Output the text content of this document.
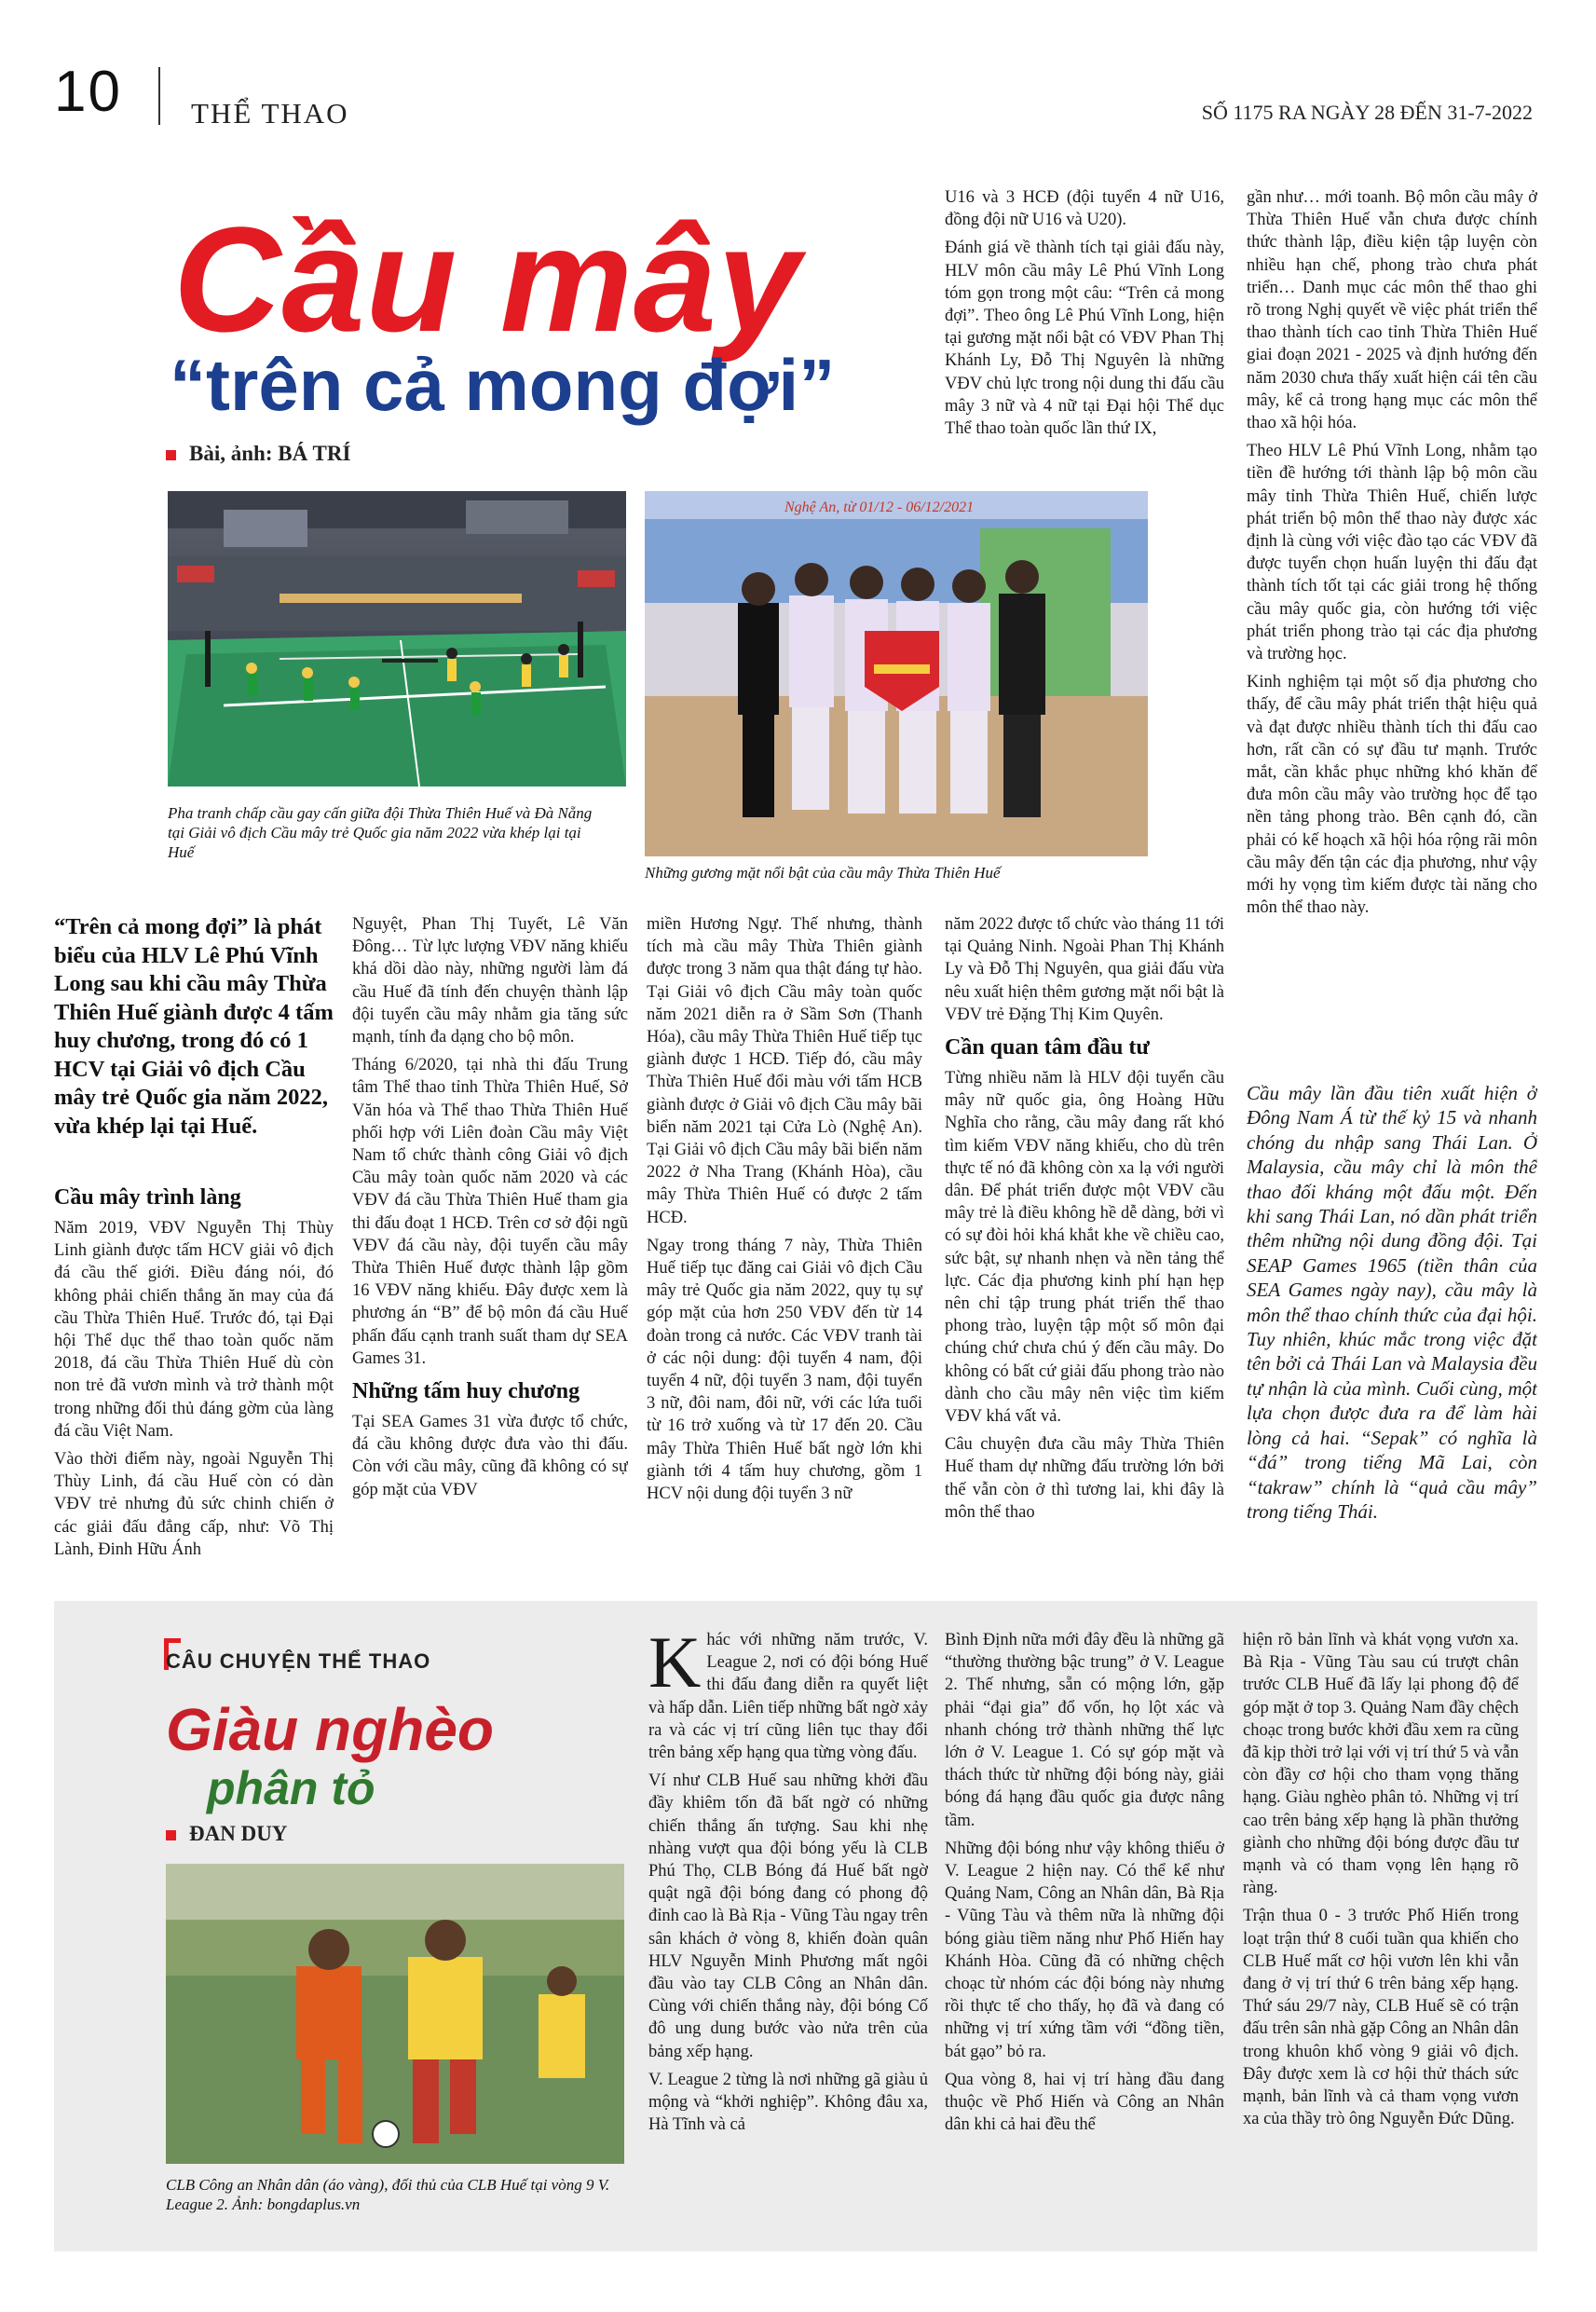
10 THỂ THAO	SỐ 1175 RA NGÀY 28 ĐẾN 31-7-2022
Cầu mây
“trên cả mong đợi”
Bài, ảnh: BÁ TRÍ
Pha tranh chấp cầu gay cấn giữa đội Thừa Thiên Huế và Đà Nẵng tại Giải vô địch Cầu mây trẻ Quốc gia năm 2022 vừa khép lại tại Huế
Nghệ An, từ 01/12 - 06/12/2021
Những gương mặt nổi bật của cầu mây Thừa Thiên Huế
“Trên cả mong đợi” là phát biểu của HLV Lê Phú Vĩnh Long sau khi cầu mây Thừa Thiên Huế giành được 4 tấm huy chương, trong đó có 1 HCV tại Giải vô địch Cầu mây trẻ Quốc gia năm 2022, vừa khép lại tại Huế.
Cầu mây trình làng

Năm 2019, VĐV Nguyễn Thị Thùy Linh giành được tấm HCV giải vô địch đá cầu thế giới. Điều đáng nói, đó không phải chiến thắng ăn may của đá cầu Thừa Thiên Huế. Trước đó, tại Đại hội Thể dục thể thao toàn quốc năm 2018, đá cầu Thừa Thiên Huế dù còn non trẻ đã vươn mình và trở thành một trong những đối thủ đáng gờm của làng đá cầu Việt Nam.

Vào thời điểm này, ngoài Nguyễn Thị Thùy Linh, đá cầu Huế còn có dàn VĐV trẻ nhưng đủ sức chinh chiến ở các giải đấu đẳng cấp, như: Võ Thị Lành, Đinh Hữu Ánh

Nguyệt, Phan Thị Tuyết, Lê Văn Đông… Từ lực lượng VĐV năng khiếu khá dồi dào này, những người làm đá cầu Huế đã tính đến chuyện thành lập đội tuyển cầu mây nhằm gia tăng sức mạnh, tính đa dạng cho bộ môn.

Tháng 6/2020, tại nhà thi đấu Trung tâm Thể thao tỉnh Thừa Thiên Huế, Sở Văn hóa và Thể thao Thừa Thiên Huế phối hợp với Liên đoàn Cầu mây Việt Nam tổ chức thành công Giải vô địch Cầu mây toàn quốc năm 2020 và các VĐV đá cầu Thừa Thiên Huế tham gia thi đấu đoạt 1 HCĐ. Trên cơ sở đội ngũ VĐV đá cầu này, đội tuyển cầu mây Thừa Thiên Huế được thành lập gồm 16 VĐV năng khiếu. Đây được xem là phương án “B” để bộ môn đá cầu Huế phấn đấu cạnh tranh suất tham dự SEA Games 31.

Những tấm huy chương

Tại SEA Games 31 vừa được tổ chức, đá cầu không được đưa vào thi đấu. Còn với cầu mây, cũng đã không có sự góp mặt của VĐV

miền Hương Ngự. Thế nhưng, thành tích mà cầu mây Thừa Thiên giành được trong 3 năm qua thật đáng tự hào. Tại Giải vô địch Cầu mây toàn quốc năm 2021 diễn ra ở Sầm Sơn (Thanh Hóa), cầu mây Thừa Thiên Huế tiếp tục giành được 1 HCĐ. Tiếp đó, cầu mây Thừa Thiên Huế đổi màu với tấm HCB giành được ở Giải vô địch Cầu mây bãi biển năm 2021 tại Cửa Lò (Nghệ An). Tại Giải vô địch Cầu mây bãi biển năm 2022 ở Nha Trang (Khánh Hòa), cầu mây Thừa Thiên Huế có được 2 tấm HCĐ.

Ngay trong tháng 7 này, Thừa Thiên Huế tiếp tục đăng cai Giải vô địch Cầu mây trẻ Quốc gia năm 2022, quy tụ sự góp mặt của hơn 250 VĐV đến từ 14 đoàn trong cả nước. Các VĐV tranh tài ở các nội dung: đội tuyển 4 nam, đội tuyển 4 nữ, đội tuyển 3 nam, đội tuyển 3 nữ, đôi nam, đôi nữ, với các lứa tuổi từ 16 trở xuống và từ 17 đến 20. Cầu mây Thừa Thiên Huế bất ngờ lớn khi giành tới 4 tấm huy chương, gồm 1 HCV nội dung đội tuyển 3 nữ

U16 và 3 HCĐ (đội tuyển 4 nữ U16, đồng đội nữ U16 và U20).

Đánh giá về thành tích tại giải đấu này, HLV môn cầu mây Lê Phú Vĩnh Long tóm gọn trong một câu: “Trên cả mong đợi”. Theo ông Lê Phú Vĩnh Long, hiện tại gương mặt nổi bật có VĐV Phan Thị Khánh Ly, Đỗ Thị Nguyên là những VĐV chủ lực trong nội dung thi đấu cầu mây 3 nữ và 4 nữ tại Đại hội Thể dục Thể thao toàn quốc lần thứ IX,

năm 2022 được tổ chức vào tháng 11 tới tại Quảng Ninh. Ngoài Phan Thị Khánh Ly và Đỗ Thị Nguyên, qua giải đấu vừa nêu xuất hiện thêm gương mặt nổi bật là VĐV trẻ Đặng Thị Kim Quyên.

Cần quan tâm đầu tư

Từng nhiều năm là HLV đội tuyển cầu mây nữ quốc gia, ông Hoàng Hữu Nghĩa cho rằng, cầu mây đang rất khó tìm kiếm VĐV năng khiếu, cho dù trên thực tế nó đã không còn xa lạ với người dân. Để phát triển được một VĐV cầu mây trẻ là điều không hề dễ dàng, bởi vì có sự đòi hỏi khá khắt khe về chiều cao, sức bật, sự nhanh nhẹn và nền tảng thể lực. Các địa phương kinh phí hạn hẹp nên chỉ tập trung phát triển thể thao phong trào, luyện tập một số môn đại chúng chứ chưa chú ý đến cầu mây. Do không có bất cứ giải đấu phong trào nào dành cho cầu mây nên việc tìm kiếm VĐV khá vất vả.

Câu chuyện đưa cầu mây Thừa Thiên Huế tham dự những đấu trường lớn bởi thế vẫn còn ở thì tương lai, khi đây là môn thể thao

gần như… mới toanh. Bộ môn cầu mây ở Thừa Thiên Huế vẫn chưa được chính thức thành lập, điều kiện tập luyện còn nhiều hạn chế, phong trào chưa phát triển… Danh mục các môn thể thao ghi rõ trong Nghị quyết về việc phát triển thể thao thành tích cao tỉnh Thừa Thiên Huế giai đoạn 2021 - 2025 và định hướng đến năm 2030 chưa thấy xuất hiện cái tên cầu mây, kể cả trong hạng mục các môn thể thao xã hội hóa.

Theo HLV Lê Phú Vĩnh Long, nhằm tạo tiền đề hướng tới thành lập bộ môn cầu mây tỉnh Thừa Thiên Huế, chiến lược phát triển bộ môn thể thao này được xác định là cùng với việc đào tạo các VĐV đã được tuyển chọn huấn luyện thi đấu đạt thành tích tốt tại các giải trong hệ thống cầu mây quốc gia, còn hướng tới việc phát triển phong trào tại các địa phương và trường học.

Kinh nghiệm tại một số địa phương cho thấy, để cầu mây phát triển thật hiệu quả và đạt được nhiều thành tích thi đấu cao hơn, rất cần có sự đầu tư mạnh. Trước mắt, cần khắc phục những khó khăn để đưa môn cầu mây vào trường học để tạo nền tảng phong trào. Bên cạnh đó, cần phải có kế hoạch xã hội hóa rộng rãi môn cầu mây đến tận các địa phương, như vậy mới hy vọng tìm kiếm được tài năng cho môn thể thao này.

Cầu mây lần đầu tiên xuất hiện ở Đông Nam Á từ thế kỷ 15 và nhanh chóng du nhập sang Thái Lan. Ở Malaysia, cầu mây chỉ là môn thể thao đối kháng một đấu một. Đến khi sang Thái Lan, nó dần phát triển thêm những nội dung đồng đội. Tại SEAP Games 1965 (tiền thân của SEA Games ngày nay), cầu mây là môn thể thao chính thức của đại hội. Tuy nhiên, khúc mắc trong việc đặt tên bởi cả Thái Lan và Malaysia đều tự nhận là của mình. Cuối cùng, một lựa chọn được đưa ra để làm hài lòng cả hai. “Sepak” có nghĩa là “đá” trong tiếng Mã Lai, còn “takraw” chính là “quả cầu mây” trong tiếng Thái.
CÂU CHUYỆN THỂ THAO
Giàu nghèo
phân tỏ
ĐAN DUY
CLB Công an Nhân dân (áo vàng), đối thủ của CLB Huế tại vòng 9 V. League 2. Ảnh: bongdaplus.vn

Khác với những năm trước, V. League 2, nơi có đội bóng Huế thi đấu đang diễn ra quyết liệt và hấp dẫn. Liên tiếp những bất ngờ xảy ra và các vị trí cũng liên tục thay đổi trên bảng xếp hạng qua từng vòng đấu.

Ví như CLB Huế sau những khởi đầu đầy khiêm tốn đã bất ngờ có những chiến thắng ấn tượng. Sau khi nhẹ nhàng vượt qua đội bóng yếu là CLB Phú Thọ, CLB Bóng đá Huế bất ngờ quật ngã đội bóng đang có phong độ đỉnh cao là Bà Rịa - Vũng Tàu ngay trên sân khách ở vòng 8, khiến đoàn quân HLV Nguyễn Minh Phương mất ngôi đầu vào tay CLB Công an Nhân dân. Cùng với chiến thắng này, đội bóng Cố đô ung dung bước vào nửa trên của bảng xếp hạng.

V. League 2 từng là nơi những gã giàu ủ mộng và “khởi nghiệp”. Không đâu xa, Hà Tĩnh và cả

Bình Định nữa mới đây đều là những gã “thường thường bậc trung” ở V. League 2. Thế nhưng, sẵn có mộng lớn, gặp phải “đại gia” đổ vốn, họ lột xác và nhanh chóng trở thành những thế lực lớn ở V. League 1. Có sự góp mặt và thách thức từ những đội bóng này, giải bóng đá hạng đầu quốc gia được nâng tầm.

Những đội bóng như vậy không thiếu ở V. League 2 hiện nay. Có thể kể như Quảng Nam, Công an Nhân dân, Bà Rịa - Vũng Tàu và thêm nữa là những đội bóng giàu tiềm năng như Phố Hiến hay Khánh Hòa. Cũng đã có những chệch choạc từ nhóm các đội bóng này nhưng rồi thực tế cho thấy, họ đã và đang có những vị trí xứng tầm với “đồng tiền, bát gạo” bỏ ra.

Qua vòng 8, hai vị trí hàng đầu đang thuộc về Phố Hiến và Công an Nhân dân khi cả hai đều thể

hiện rõ bản lĩnh và khát vọng vươn xa. Bà Rịa - Vũng Tàu sau cú trượt chân trước CLB Huế đã lấy lại phong độ để góp mặt ở top 3. Quảng Nam đầy chệch choạc trong bước khởi đầu xem ra cũng đã kịp thời trở lại với vị trí thứ 5 và vẫn còn đầy cơ hội cho tham vọng thăng hạng. Giàu nghèo phân tỏ. Những vị trí cao trên bảng xếp hạng là phần thưởng giành cho những đội bóng được đầu tư mạnh và có tham vọng lên hạng rõ ràng.

Trận thua 0 - 3 trước Phố Hiến trong loạt trận thứ 8 cuối tuần qua khiến cho CLB Huế mất cơ hội vươn lên khi vẫn đang ở vị trí thứ 6 trên bảng xếp hạng. Thứ sáu 29/7 này, CLB Huế sẽ có trận đấu trên sân nhà gặp Công an Nhân dân trong khuôn khổ vòng 9 giải vô địch. Đây được xem là cơ hội thử thách sức mạnh, bản lĩnh và cả tham vọng vươn xa của thầy trò ông Nguyễn Đức Dũng.
